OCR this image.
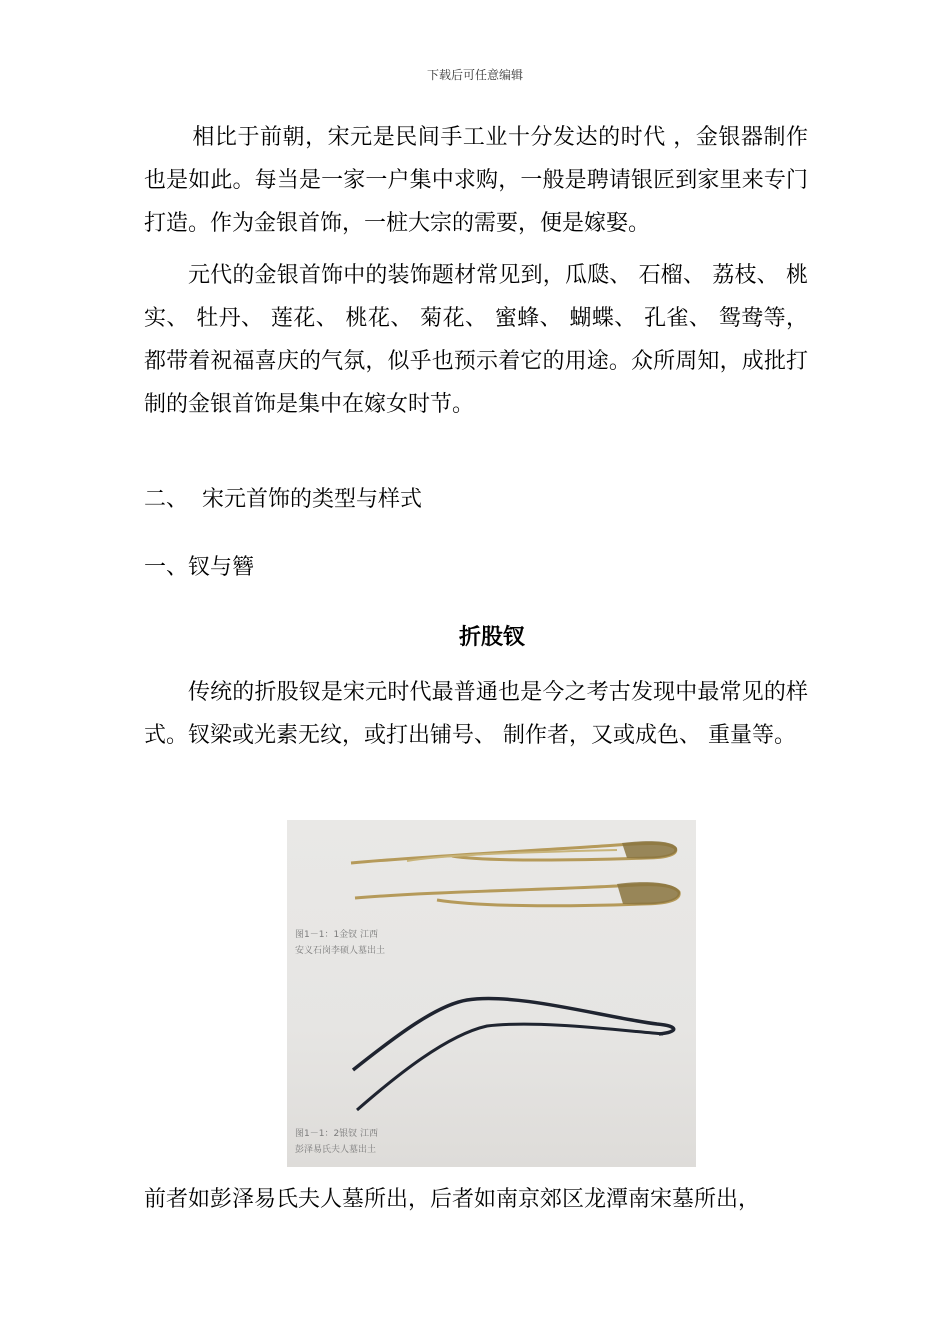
下载后可任意编辑

相比于前朝，宋元是民间手工业十分发达的时代 ，金银器制作也是如此。每当是一家一户集中求购，一般是聘请银匠到家里来专门打造。作为金银首饰，一桩大宗的需要，便是嫁娶。

元代的金银首饰中的装饰题材常见到，瓜瓞、 石榴、 荔枝、 桃实、 牡丹、 莲花、 桃花、 菊花、 蜜蜂、 蝴蝶、 孔雀、 鸳鸯等，都带着祝福喜庆的气氛，似乎也预示着它的用途。众所周知，成批打制的金银首饰是集中在嫁女时节。

二、 宋元首饰的类型与样式
一、钗与簪
折股钗

传统的折股钗是宋元时代最普通也是今之考古发现中最常见的样式。钗梁或光素无纹，或打出铺号、 制作者，又或成色、 重量等。

图1－1：1金钗 江西
安义石岗李硕人墓出土
图1－1：2银钗 江西
彭泽易氏夫人墓出土

前者如彭泽易氏夫人墓所出，后者如南京郊区龙潭南宋墓所出，
